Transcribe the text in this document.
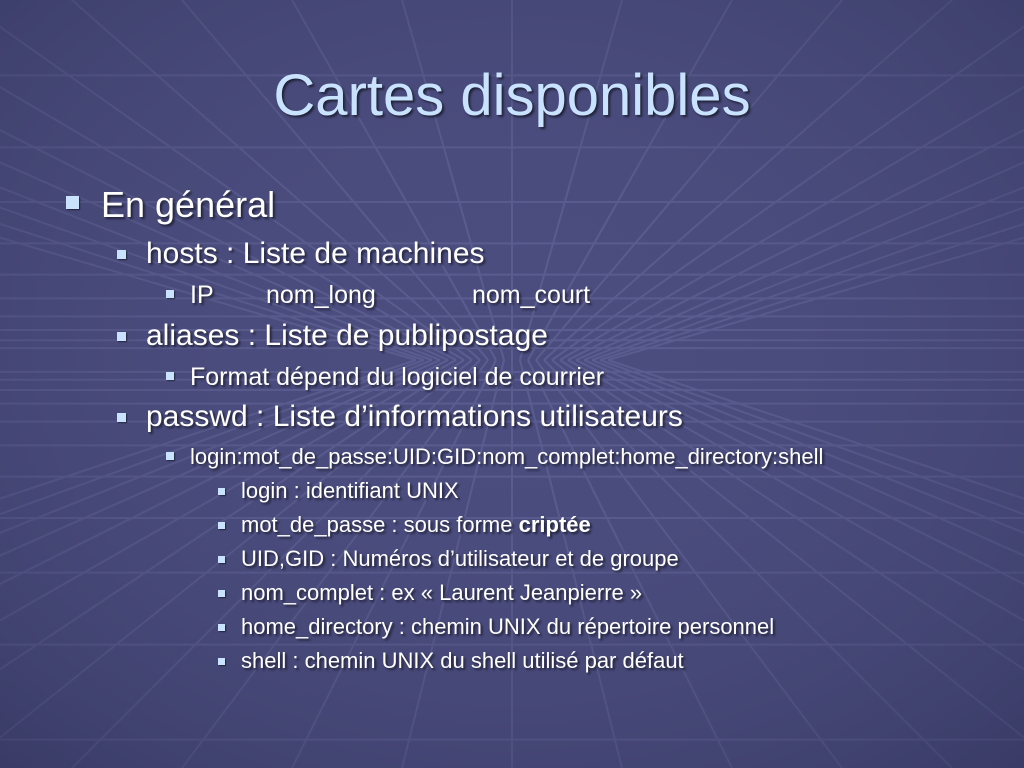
Cartes disponibles
En général
hosts : Liste de machines
IP nom_long	nom_court
aliases : Liste de publipostage
Format dépend du logiciel de courrier
passwd : Liste d’informations utilisateurs
login:mot_de_passe:UID:GID:nom_complet:home_directory:shell
login : identifiant UNIX
mot_de_passe : sous forme criptée
UID,GID : Numéros d’utilisateur et de groupe
nom_complet : ex « Laurent Jeanpierre »
home_directory : chemin UNIX du répertoire personnel
shell : chemin UNIX du shell utilisé par défaut
